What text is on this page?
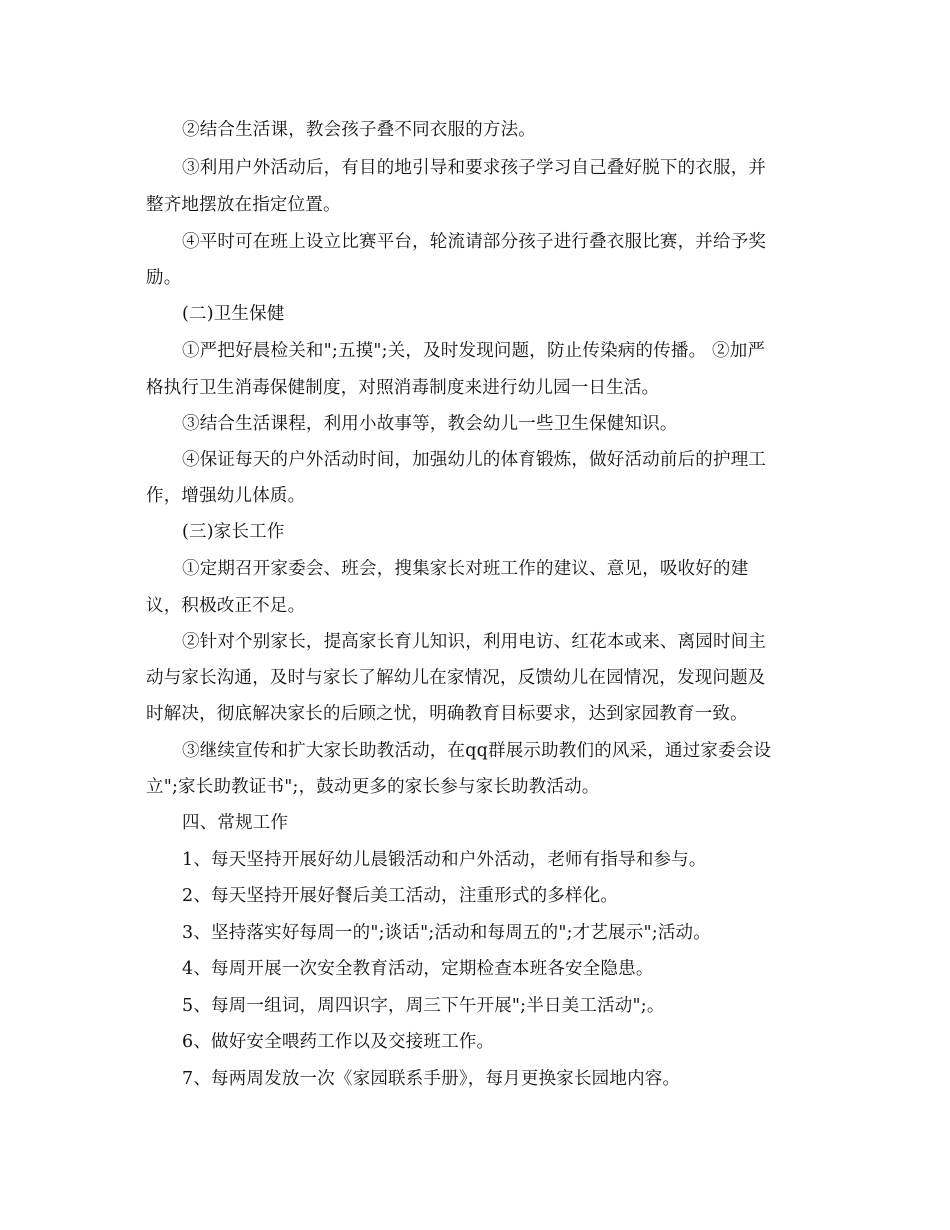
②结合生活课，教会孩子叠不同衣服的方法。
③利用户外活动后，有目的地引导和要求孩子学习自己叠好脱下的衣服，并
整齐地摆放在指定位置。
④平时可在班上设立比赛平台，轮流请部分孩子进行叠衣服比赛，并给予奖
励。
(二)卫生保健
①严把好晨检关和";五摸";关，及时发现问题，防止传染病的传播。 ②加严
格执行卫生消毒保健制度，对照消毒制度来进行幼儿园一日生活。
③结合生活课程，利用小故事等，教会幼儿一些卫生保健知识。
④保证每天的户外活动时间，加强幼儿的体育锻炼，做好活动前后的护理工
作，增强幼儿体质。
(三)家长工作
①定期召开家委会、班会，搜集家长对班工作的建议、意见，吸收好的建
议，积极改正不足。
②针对个别家长，提高家长育儿知识，利用电访、红花本或来、离园时间主
动与家长沟通，及时与家长了解幼儿在家情况，反馈幼儿在园情况，发现问题及
时解决，彻底解决家长的后顾之忧，明确教育目标要求，达到家园教育一致。
③继续宣传和扩大家长助教活动，在qq群展示助教们的风采，通过家委会设
立";家长助教证书";，鼓动更多的家长参与家长助教活动。
四、常规工作
1、每天坚持开展好幼儿晨锻活动和户外活动，老师有指导和参与。
2、每天坚持开展好餐后美工活动，注重形式的多样化。
3、坚持落实好每周一的";谈话";活动和每周五的";才艺展示";活动。
4、每周开展一次安全教育活动，定期检查本班各安全隐患。
5、每周一组词，周四识字，周三下午开展";半日美工活动";。
6、做好安全喂药工作以及交接班工作。
7、每两周发放一次《家园联系手册》，每月更换家长园地内容。
